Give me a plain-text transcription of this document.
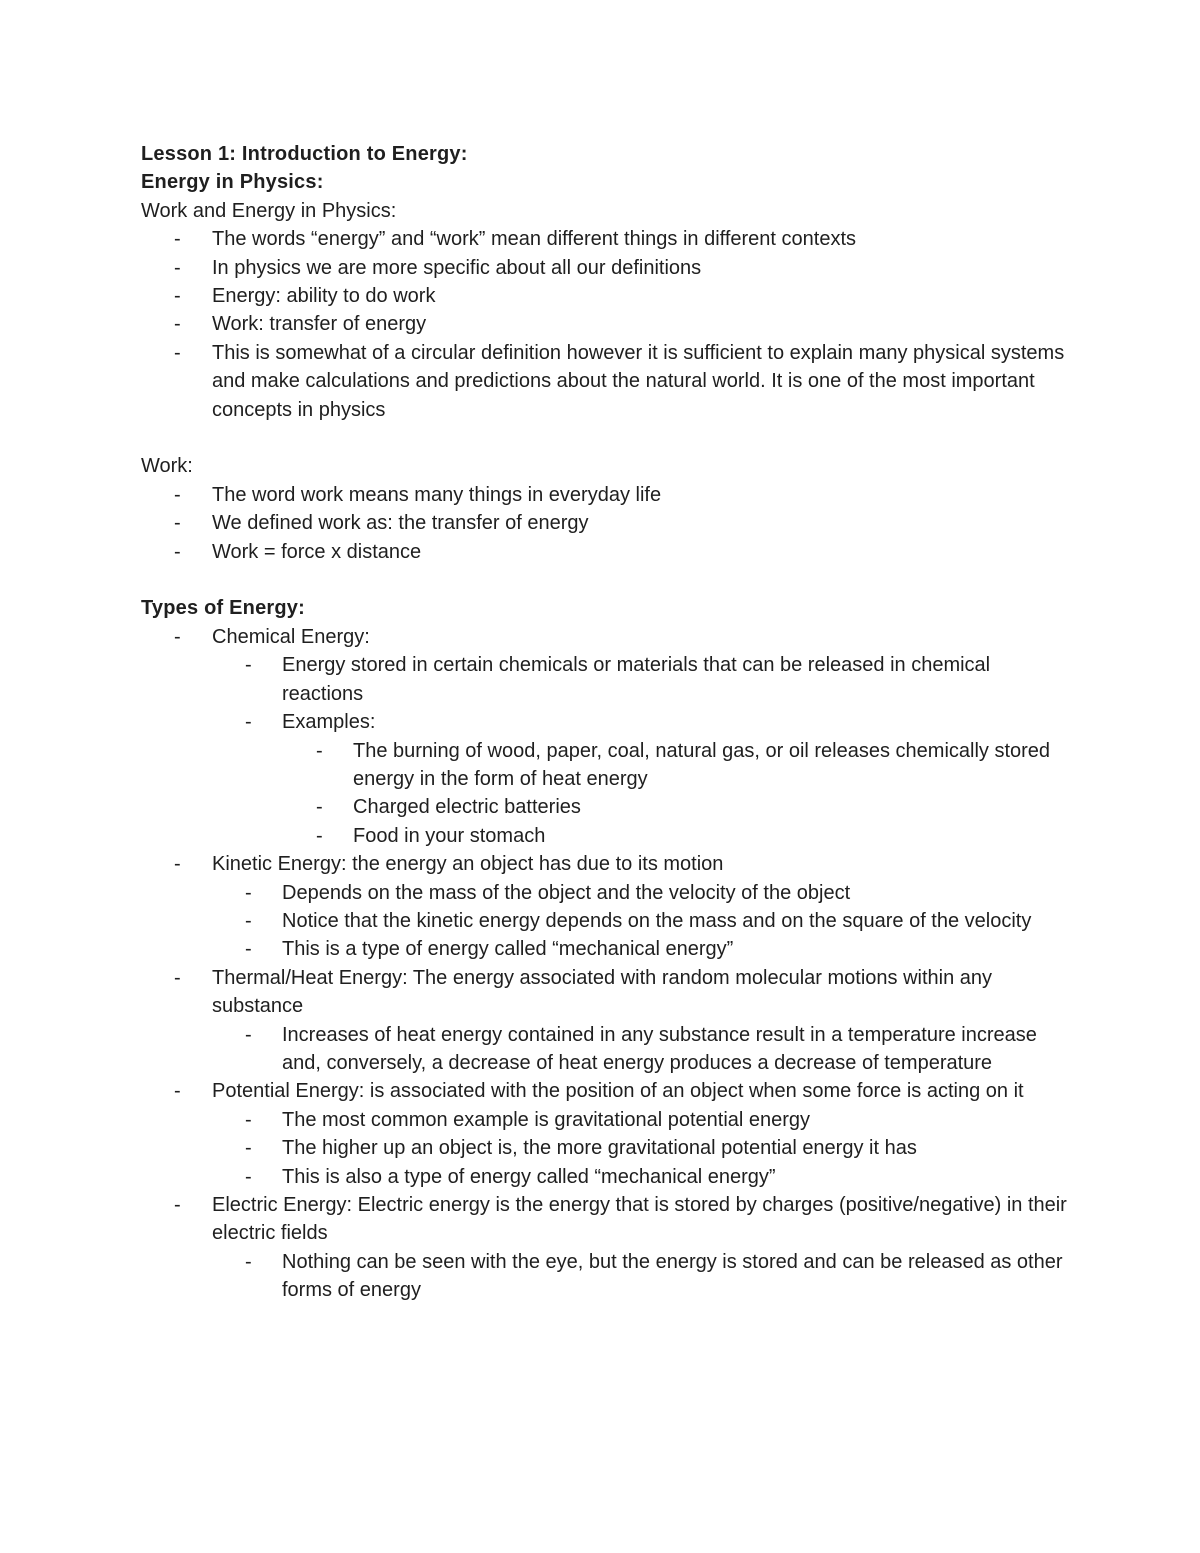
Lesson 1: Introduction to Energy:
Energy in Physics:
Work and Energy in Physics:
-	The words “energy” and “work” mean different things in different contexts
-	In physics we are more specific about all our definitions
-	Energy: ability to do work
-	Work: transfer of energy
-	This is somewhat of a circular definition however it is sufficient to explain many physical systems and make calculations and predictions about the natural world. It is one of the most important concepts in physics
Work:
-	The word work means many things in everyday life
-	We defined work as: the transfer of energy
-	Work = force x distance
Types of Energy:
-	Chemical Energy:
-	Energy stored in certain chemicals or materials that can be released in chemical reactions
-	Examples:
-	The burning of wood, paper, coal, natural gas, or oil releases chemically stored energy in the form of heat energy
-	Charged electric batteries
-	Food in your stomach
-	Kinetic Energy: the energy an object has due to its motion
-	Depends on the mass of the object and the velocity of the object
-	Notice that the kinetic energy depends on the mass and on the square of the velocity
-	This is a type of energy called “mechanical energy”
-	Thermal/Heat Energy: The energy associated with random molecular motions within any substance
-	Increases of heat energy contained in any substance result in a temperature increase and, conversely, a decrease of heat energy produces a decrease of temperature
-	Potential Energy: is associated with the position of an object when some force is acting on it
-	The most common example is gravitational potential energy
-	The higher up an object is, the more gravitational potential energy it has
-	This is also a type of energy called “mechanical energy”
-	Electric Energy: Electric energy is the energy that is stored by charges (positive/negative) in their electric fields
-	Nothing can be seen with the eye, but the energy is stored and can be released as other forms of energy
